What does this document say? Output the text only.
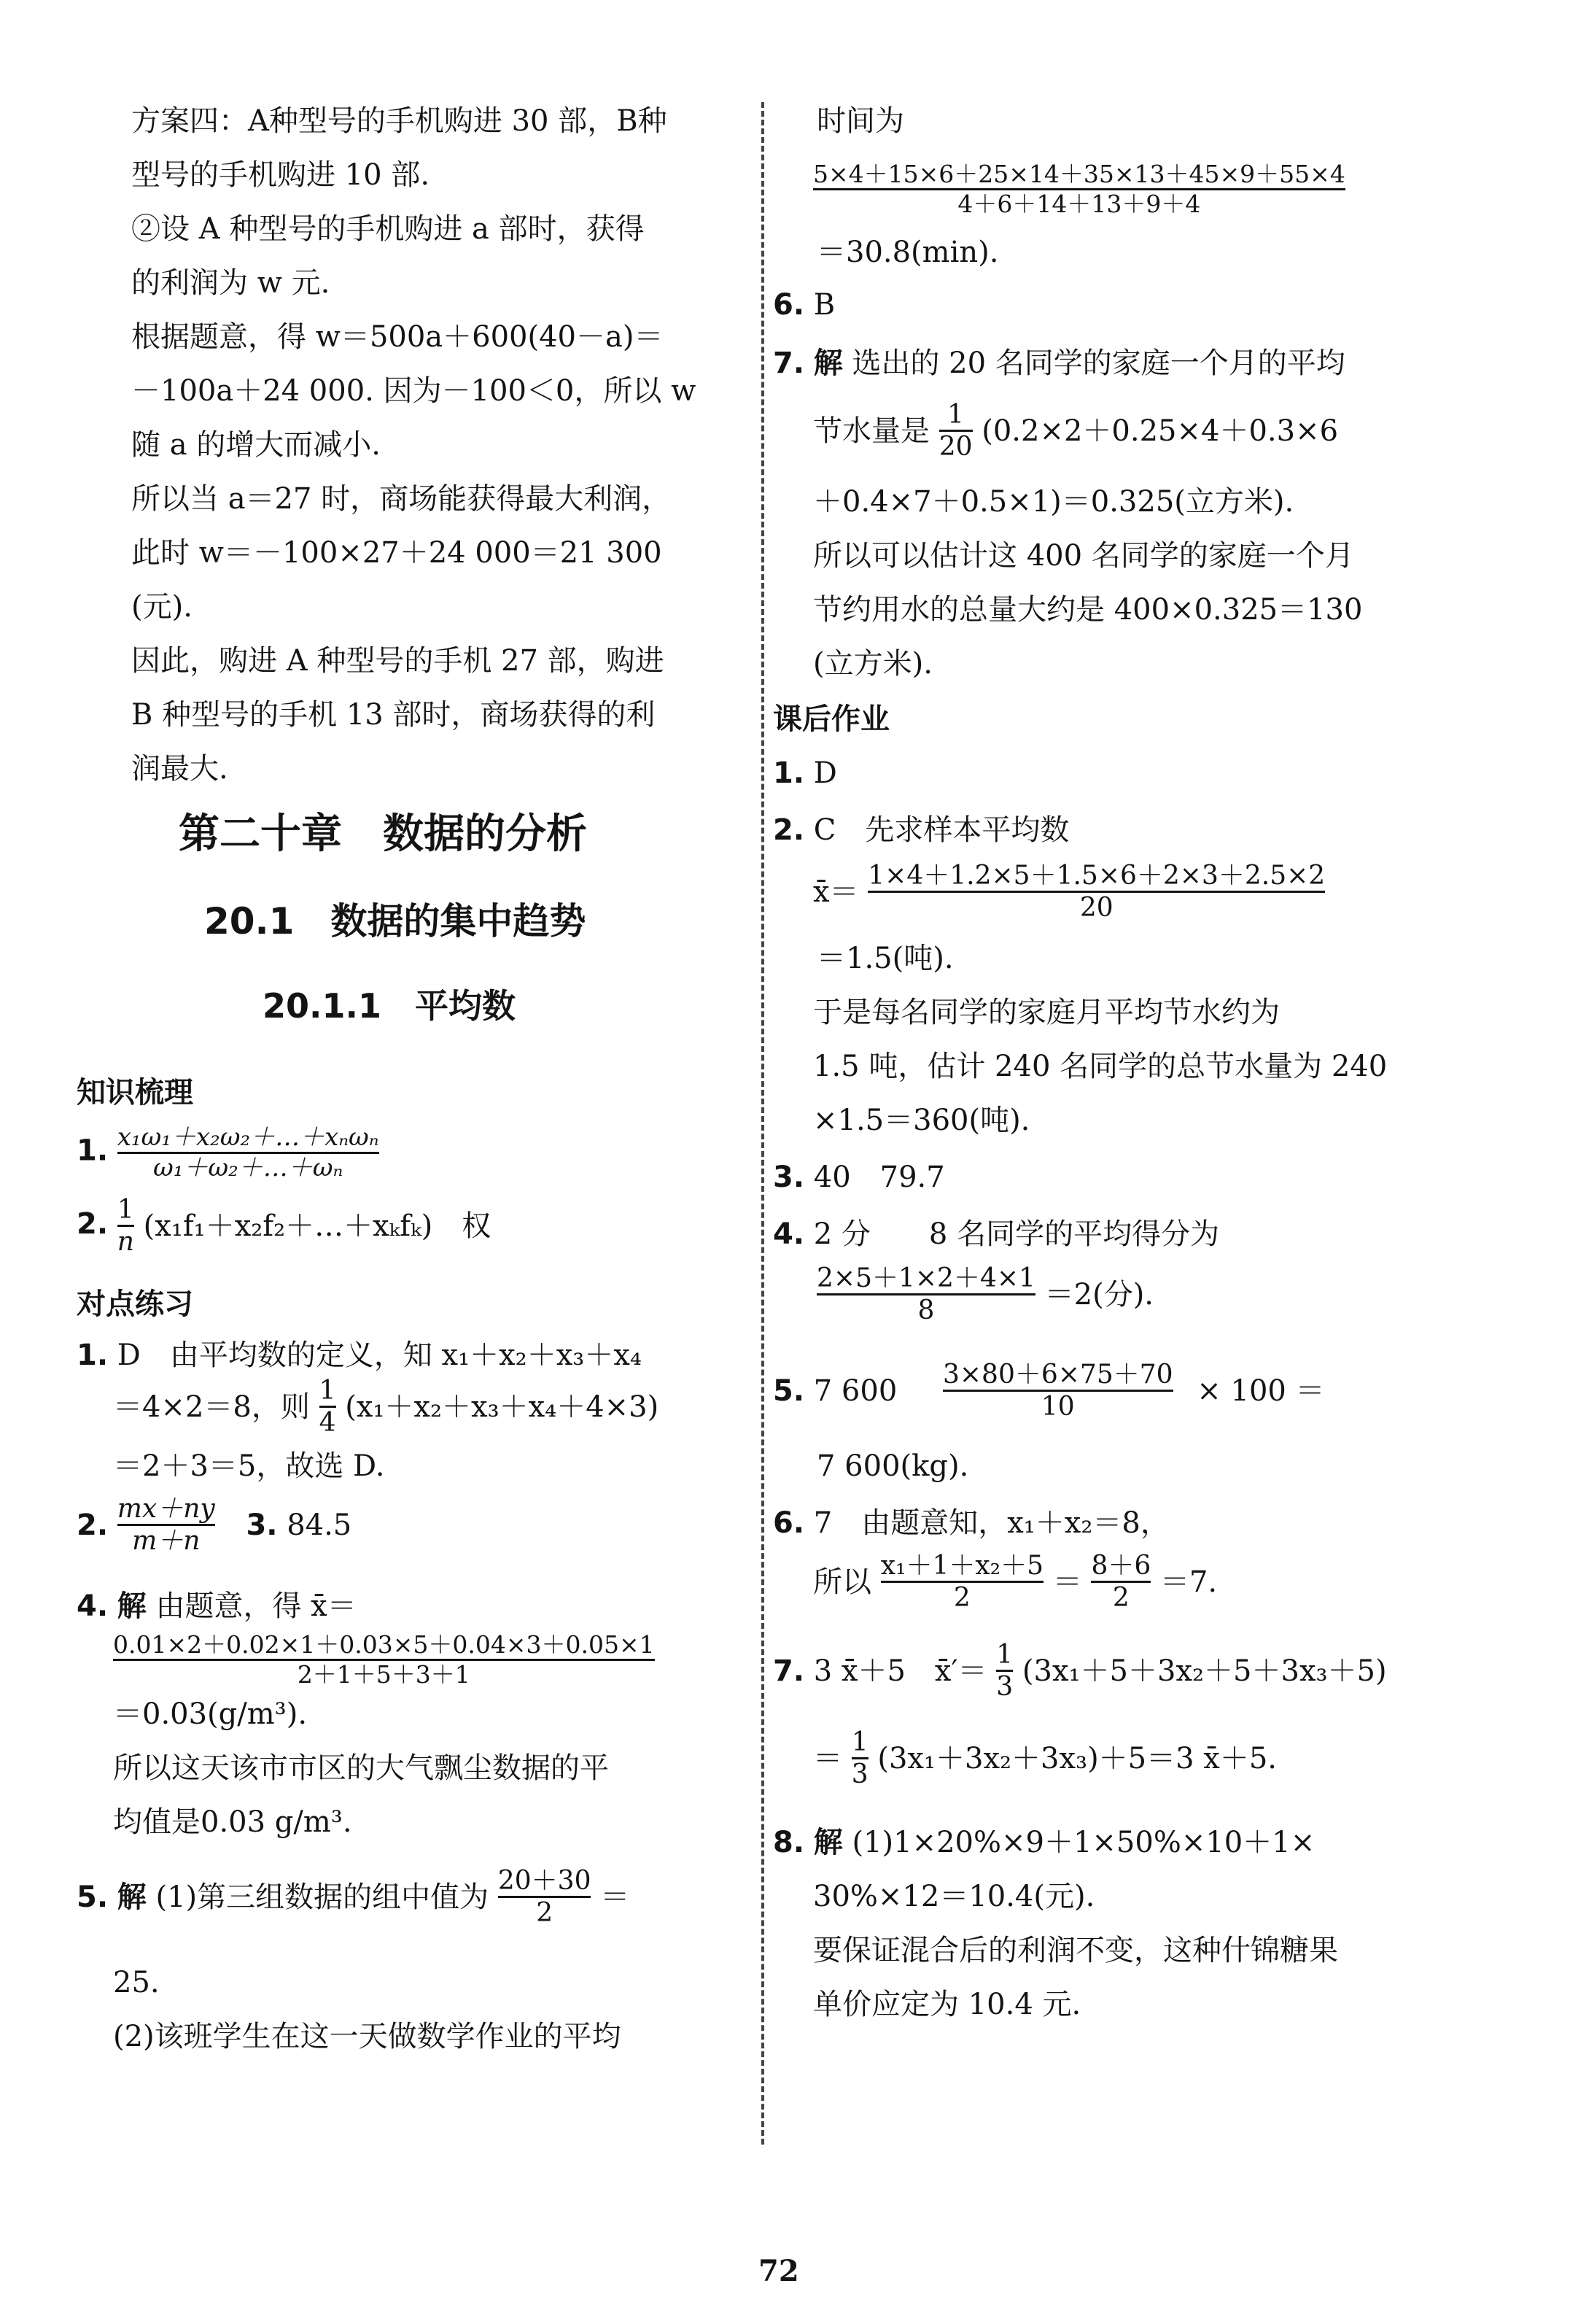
方案四：A种型号的手机购进 30 部，B种
型号的手机购进 10 部.
②设 A 种型号的手机购进 a 部时，获得
的利润为 w 元.
根据题意，得 w＝500a＋600(40－a)＝
－100a＋24 000. 因为－100＜0，所以 w
随 a 的增大而减小.
所以当 a＝27 时，商场能获得最大利润，
此时 w＝－100×27＋24 000＝21 300
(元).
因此，购进 A 种型号的手机 27 部，购进
B 种型号的手机 13 部时，商场获得的利
润最大.
第二十章　数据的分析
20.1　数据的集中趋势
20.1.1　平均数
知识梳理
1. $\frac{\text{x₁ω₁＋x₂ω₂＋…＋xₙωₙ}}{\text{ω₁＋ω₂＋…＋ωₙ}}$
2. $\frac{1}{n}$ (x₁f₁＋x₂f₂＋…＋xₖfₖ)　权
对点练习
1. D　由平均数的定义，知 x₁＋x₂＋x₃＋x₄
＝4×2＝8，则 $\frac{1}{4} (x_1+x_2+x_3+x_4+4\times 3)$
＝2＋3＝5，故选 D.
2. $\frac{mx+ny}{m+n} 3$. 84.5
4. 解 由题意，得 x̄＝
$\frac{0.01\times 2+0.02\times 1+0.03\times 5+0.04\times 3+0.05\times 1}{2+1+5+3+1}$
＝0.03(g/m³).
所以这天该市市区的大气飘尘数据的平
均值是0.03 g/m³.
5. 解 (1)第三组数据的组中值为 $\frac{20+30}{2}$ ＝
25.
(2)该班学生在这一天做数学作业的平均
时间为
$\frac{5\times 4+15\times 6+25\times 14+35\times 13+45\times 9+55\times 4}{4+6+14+13+9+4}$
＝30.8(min).
6. B
7. 解 选出的 20 名同学的家庭一个月的平均
节水量是 $\frac{1}{20} (0.2\times 2+0.25\times 4+0.3\times 6$
＋0.4×7＋0.5×1)＝0.325(立方米).
所以可以估计这 400 名同学的家庭一个月
节约用水的总量大约是 400×0.325＝130
(立方米).
课后作业
1. D
2. C　先求样本平均数
x̄＝ $\frac{1\times 4+1.2\times 5+1.5\times 6+2\times 3+2.5\times 2}{20}$
＝1.5(吨).
于是每名同学的家庭月平均节水约为
1.5 吨，估计 240 名同学的总节水量为 240
×1.5＝360(吨).
3. 40　79.7
4. 2 分　　8 名同学的平均得分为
$\frac{2\times 5+1\times 2+4\times 1}{8} =2$(分).
5. 7 $600 \frac{3\times 80+6\times 75+70}{10} \times 100$ ＝
7 600(kg).
6. 7　由题意知，x₁＋x₂＝8，
所以 $\frac{\text{x₁＋1＋x₂＋5}}{2} = \frac{8+6}{2} =7$.
7. 3 x̄＋5　x̄′＝ $\frac{1}{3} (3x_1+5+3x_2+5+3x_3+5)$
＝ $\frac{1}{3} (3x_1+3x_2+3x_3)+5=3$ x̄＋5.
8. 解 (1)1×20%×9＋1×50%×10＋1×
30%×12＝10.4(元).
要保证混合后的利润不变，这种什锦糖果
单价应定为 10.4 元.
72
